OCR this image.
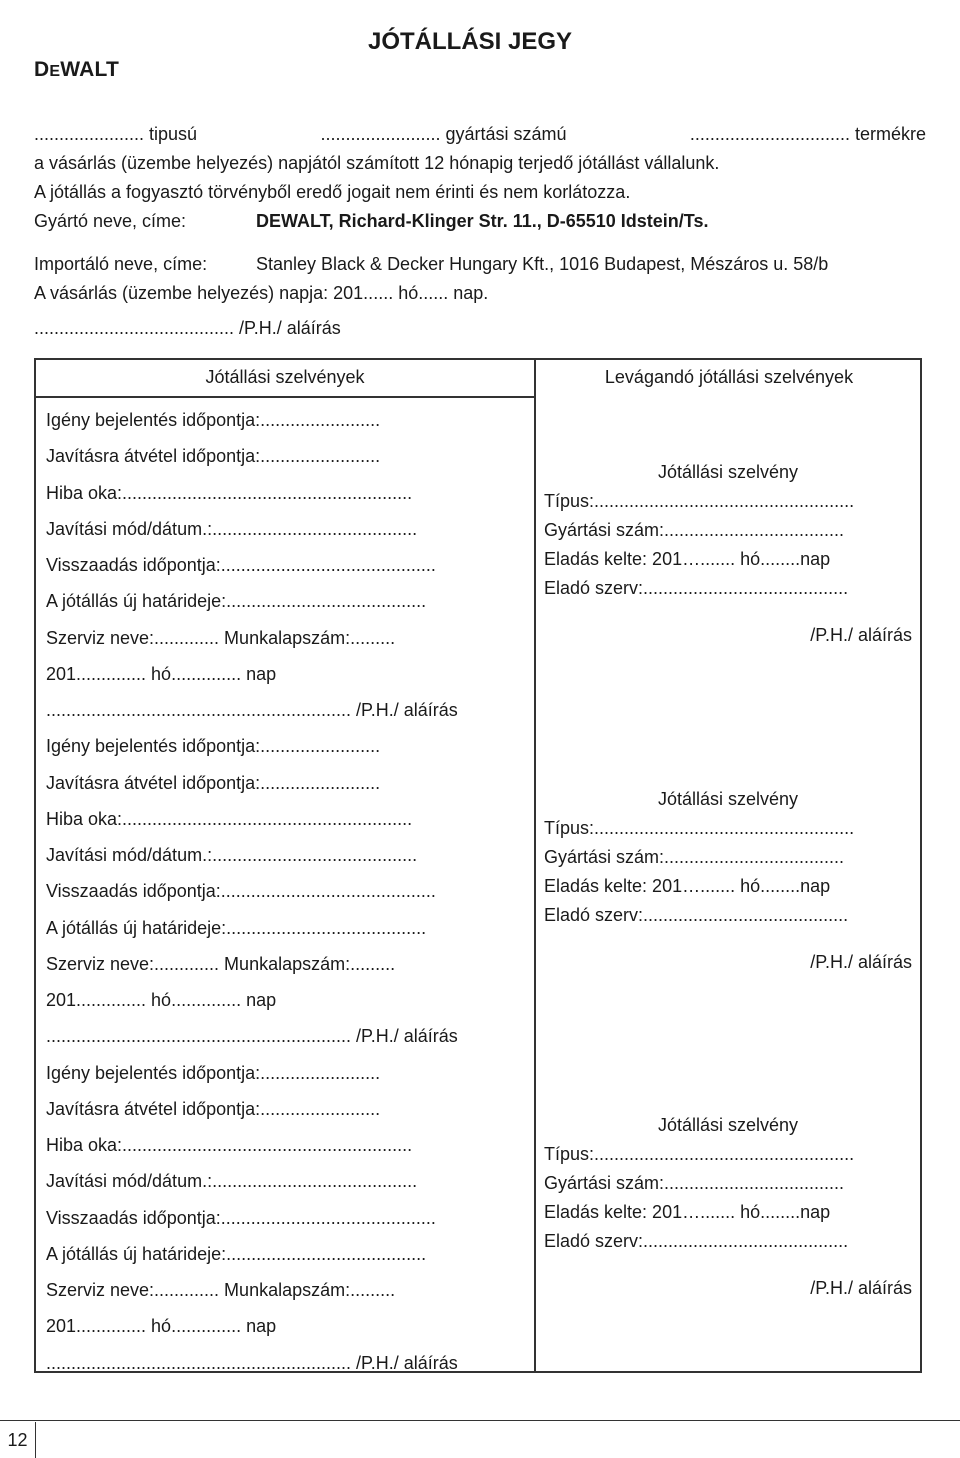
DEWALT
JÓTÁLLÁSI JEGY
...................... tipusú	........................ gyártási számú	................................ termékre
a vásárlás (üzembe helyezés) napjától számított 12 hónapig terjedő jótállást vállalunk.
A jótállás a fogyasztó törvényből eredő jogait nem érinti és nem korlátozza.
Gyártó neve, címe:	DEWALT, Richard-Klinger Str. 11., D-65510 Idstein/Ts.
Importáló neve, címe:	Stanley Black & Decker Hungary Kft., 1016 Budapest, Mészáros u. 58/b
A vásárlás (üzembe helyezés) napja: 201...... hó...... nap.
........................................ /P.H./ aláírás
Jótállási szelvények	Levágandó jótállási szelvények
Igény bejelentés időpontja:........................
Javításra átvétel időpontja:........................
Hiba oka:..........................................................
Javítási mód/dátum.:.........................................
Visszaadás időpontja:...........................................
A jótállás új határideje:........................................
Szerviz neve:............. Munkalapszám:.........
201.............. hó.............. nap
............................................................. /P.H./ aláírás
Igény bejelentés időpontja:........................
Javításra átvétel időpontja:........................
Hiba oka:..........................................................
Javítási mód/dátum.:.........................................
Visszaadás időpontja:...........................................
A jótállás új határideje:........................................
Szerviz neve:............. Munkalapszám:.........
201.............. hó.............. nap
............................................................. /P.H./ aláírás
Igény bejelentés időpontja:........................
Javításra átvétel időpontja:........................
Hiba oka:..........................................................
Javítási mód/dátum.:.........................................
Visszaadás időpontja:...........................................
A jótállás új határideje:........................................
Szerviz neve:............. Munkalapszám:.........
201.............. hó.............. nap
............................................................. /P.H./ aláírás
Jótállási szelvény
Típus:....................................................
Gyártási szám:....................................
Eladás kelte: 201…....... hó........nap
Eladó szerv:.........................................
/P.H./ aláírás
Jótállási szelvény
Típus:....................................................
Gyártási szám:....................................
Eladás kelte: 201…....... hó........nap
Eladó szerv:.........................................
/P.H./ aláírás
Jótállási szelvény
Típus:....................................................
Gyártási szám:....................................
Eladás kelte: 201…....... hó........nap
Eladó szerv:.........................................
/P.H./ aláírás
12
